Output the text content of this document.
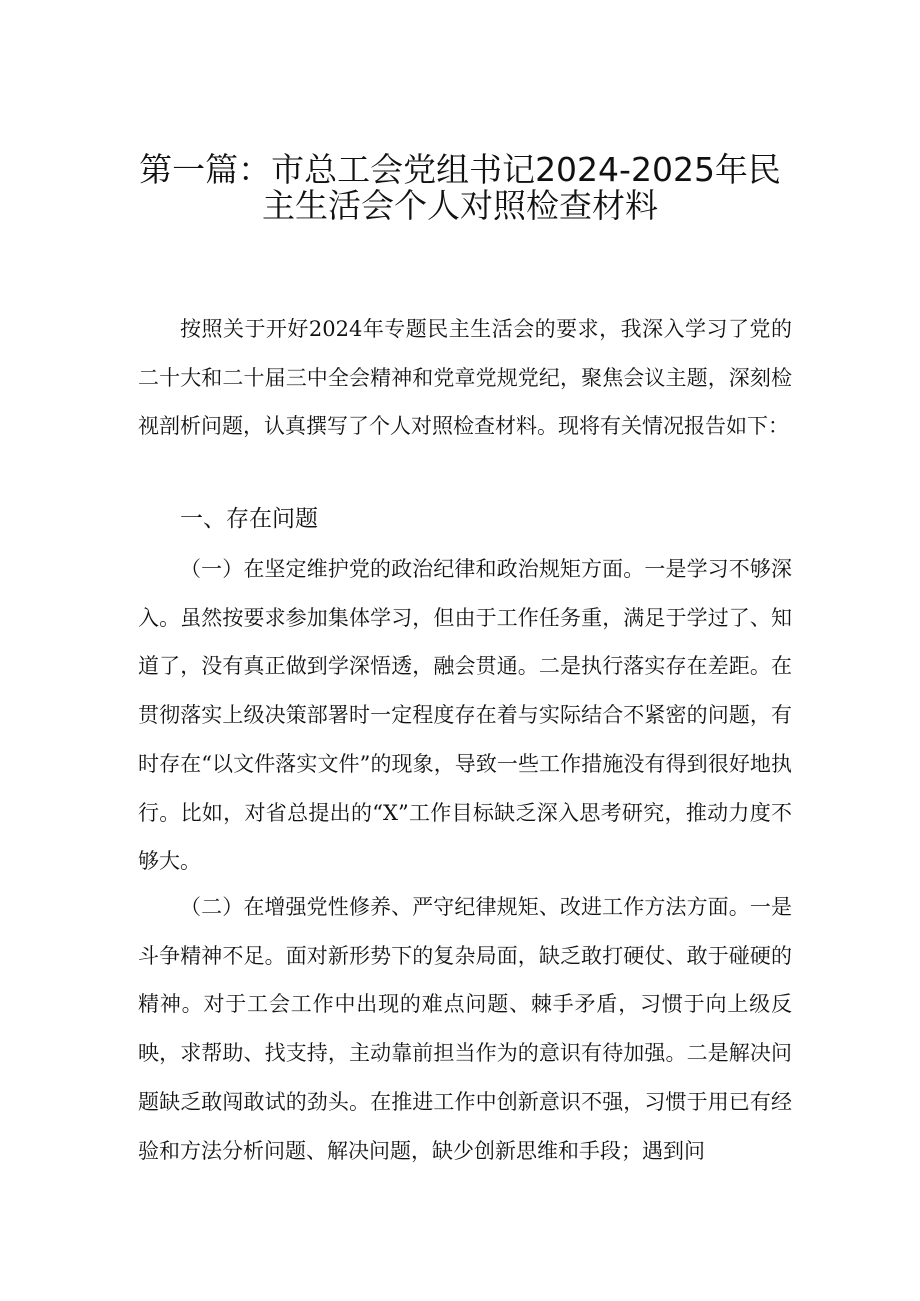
第一篇：市总工会党组书记2024-2025年民
主生活会个人对照检查材料

按照关于开好2024年专题民主生活会的要求，我深入学习了党的二十大和二十届三中全会精神和党章党规党纪，聚焦会议主题，深刻检视剖析问题，认真撰写了个人对照检查材料。现将有关情况报告如下：

一、存在问题

（一）在坚定维护党的政治纪律和政治规矩方面。一是学习不够深入。虽然按要求参加集体学习，但由于工作任务重，满足于学过了、知道了，没有真正做到学深悟透，融会贯通。二是执行落实存在差距。在贯彻落实上级决策部署时一定程度存在着与实际结合不紧密的问题，有时存在“以文件落实文件”的现象，导致一些工作措施没有得到很好地执行。比如，对省总提出的“X”工作目标缺乏深入思考研究，推动力度不够大。

（二）在增强党性修养、严守纪律规矩、改进工作方法方面。一是斗争精神不足。面对新形势下的复杂局面，缺乏敢打硬仗、敢于碰硬的精神。对于工会工作中出现的难点问题、棘手矛盾，习惯于向上级反映，求帮助、找支持，主动靠前担当作为的意识有待加强。二是解决问题缺乏敢闯敢试的劲头。在推进工作中创新意识不强，习惯于用已有经验和方法分析问题、解决问题，缺少创新思维和手段；遇到问
